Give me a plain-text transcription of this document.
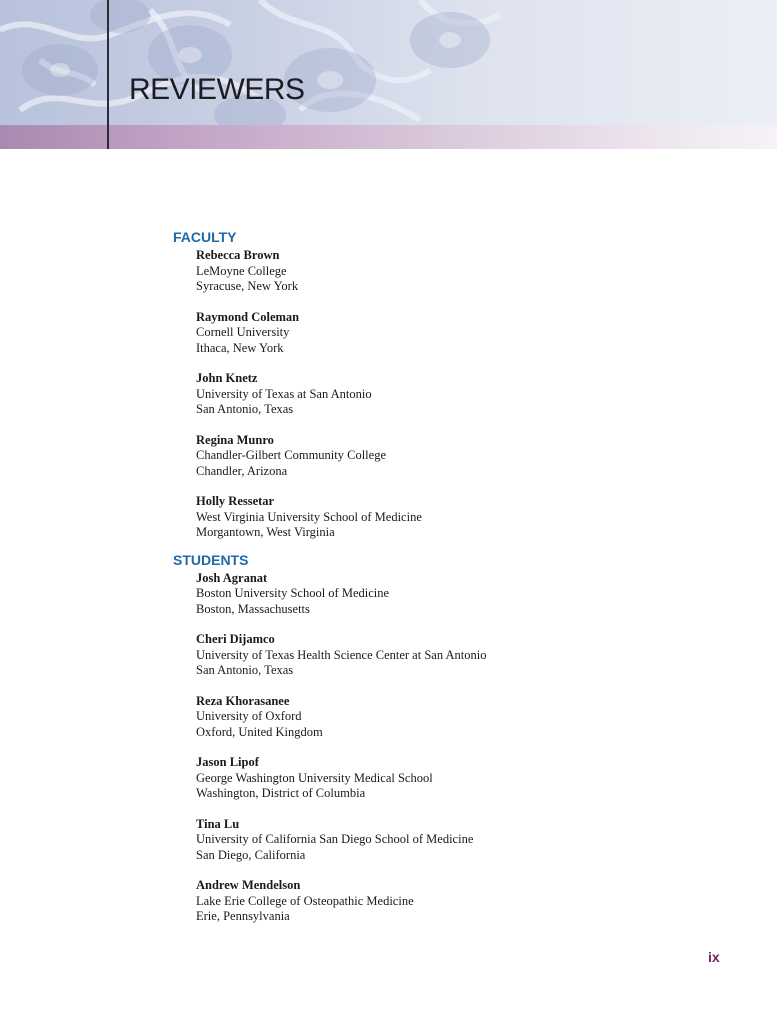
REVIEWERS
FACULTY
Rebecca Brown
LeMoyne College
Syracuse, New York
Raymond Coleman
Cornell University
Ithaca, New York
John Knetz
University of Texas at San Antonio
San Antonio, Texas
Regina Munro
Chandler-Gilbert Community College
Chandler, Arizona
Holly Ressetar
West Virginia University School of Medicine
Morgantown, West Virginia
STUDENTS
Josh Agranat
Boston University School of Medicine
Boston, Massachusetts
Cheri Dijamco
University of Texas Health Science Center at San Antonio
San Antonio, Texas
Reza Khorasanee
University of Oxford
Oxford, United Kingdom
Jason Lipof
George Washington University Medical School
Washington, District of Columbia
Tina Lu
University of California San Diego School of Medicine
San Diego, California
Andrew Mendelson
Lake Erie College of Osteopathic Medicine
Erie, Pennsylvania
ix
